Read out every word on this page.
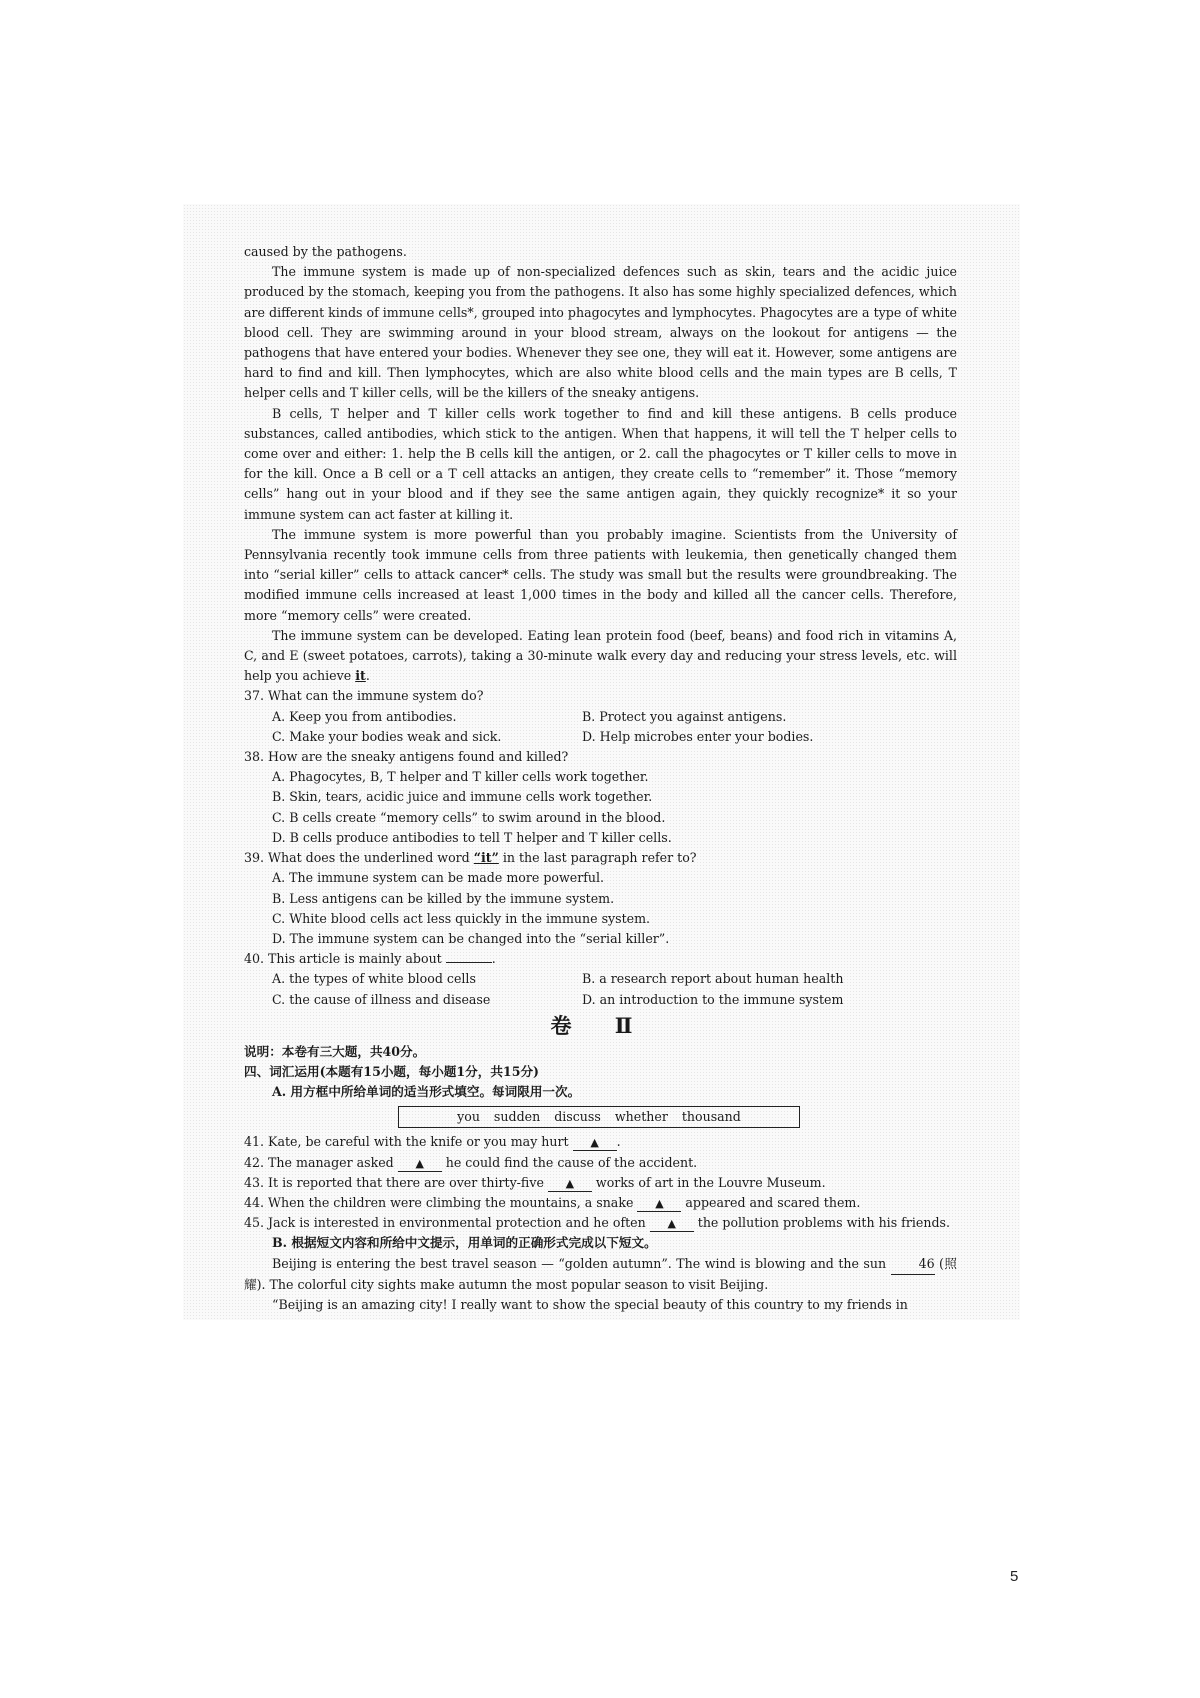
caused by the pathogens.

The immune system is made up of non-specialized defences such as skin, tears and the acidic juice produced by the stomach, keeping you from the pathogens. It also has some highly specialized defences, which are different kinds of immune cells*, grouped into phagocytes and lymphocytes. Phagocytes are a type of white blood cell. They are swimming around in your blood stream, always on the lookout for antigens — the pathogens that have entered your bodies. Whenever they see one, they will eat it. However, some antigens are hard to find and kill. Then lymphocytes, which are also white blood cells and the main types are B cells, T helper cells and T killer cells, will be the killers of the sneaky antigens.

B cells, T helper and T killer cells work together to find and kill these antigens. B cells produce substances, called antibodies, which stick to the antigen. When that happens, it will tell the T helper cells to come over and either: 1. help the B cells kill the antigen, or 2. call the phagocytes or T killer cells to move in for the kill. Once a B cell or a T cell attacks an antigen, they create cells to “remember” it. Those “memory cells” hang out in your blood and if they see the same antigen again, they quickly recognize* it so your immune system can act faster at killing it.

The immune system is more powerful than you probably imagine. Scientists from the University of Pennsylvania recently took immune cells from three patients with leukemia, then genetically changed them into “serial killer” cells to attack cancer* cells. The study was small but the results were groundbreaking. The modified immune cells increased at least 1,000 times in the body and killed all the cancer cells. Therefore, more “memory cells” were created.

The immune system can be developed. Eating lean protein food (beef, beans) and food rich in vitamins A, C, and E (sweet potatoes, carrots), taking a 30-minute walk every day and reducing your stress levels, etc. will help you achieve it.

37. What can the immune system do?

A. Keep you from antibodies.	B. Protect you against antigens.
C. Make your bodies weak and sick.	D. Help microbes enter your bodies.

38. How are the sneaky antigens found and killed?

A. Phagocytes, B, T helper and T killer cells work together.

B. Skin, tears, acidic juice and immune cells work together.

C. B cells create “memory cells” to swim around in the blood.

D. B cells produce antibodies to tell T helper and T killer cells.

39. What does the underlined word “it” in the last paragraph refer to?

A. The immune system can be made more powerful.

B. Less antigens can be killed by the immune system.

C. White blood cells act less quickly in the immune system.

D. The immune system can be changed into the “serial killer”.

40. This article is mainly about	.

A. the types of white blood cells	B. a research report about human health
C. the cause of illness and disease	D. an introduction to the immune system
卷 Ⅱ

说明：本卷有三大题，共40分。

四、词汇运用(本题有15小题，每小题1分，共15分)

A. 用方框中所给单词的适当形式填空。每词限用一次。

you sudden discuss whether thousand

41. Kate, be careful with the knife or you may hurt ▲ .

42. The manager asked ▲ he could find the cause of the accident.

43. It is reported that there are over thirty-five ▲ works of art in the Louvre Museum.

44. When the children were climbing the mountains, a snake ▲ appeared and scared them.

45. Jack is interested in environmental protection and he often ▲ the pollution problems with his friends.

B. 根据短文内容和所给中文提示，用单词的正确形式完成以下短文。

Beijing is entering the best travel season — “golden autumn”. The wind is blowing and the sun 46 (照耀). The colorful city sights make autumn the most popular season to visit Beijing.

“Beijing is an amazing city! I really want to show the special beauty of this country to my friends in

5
